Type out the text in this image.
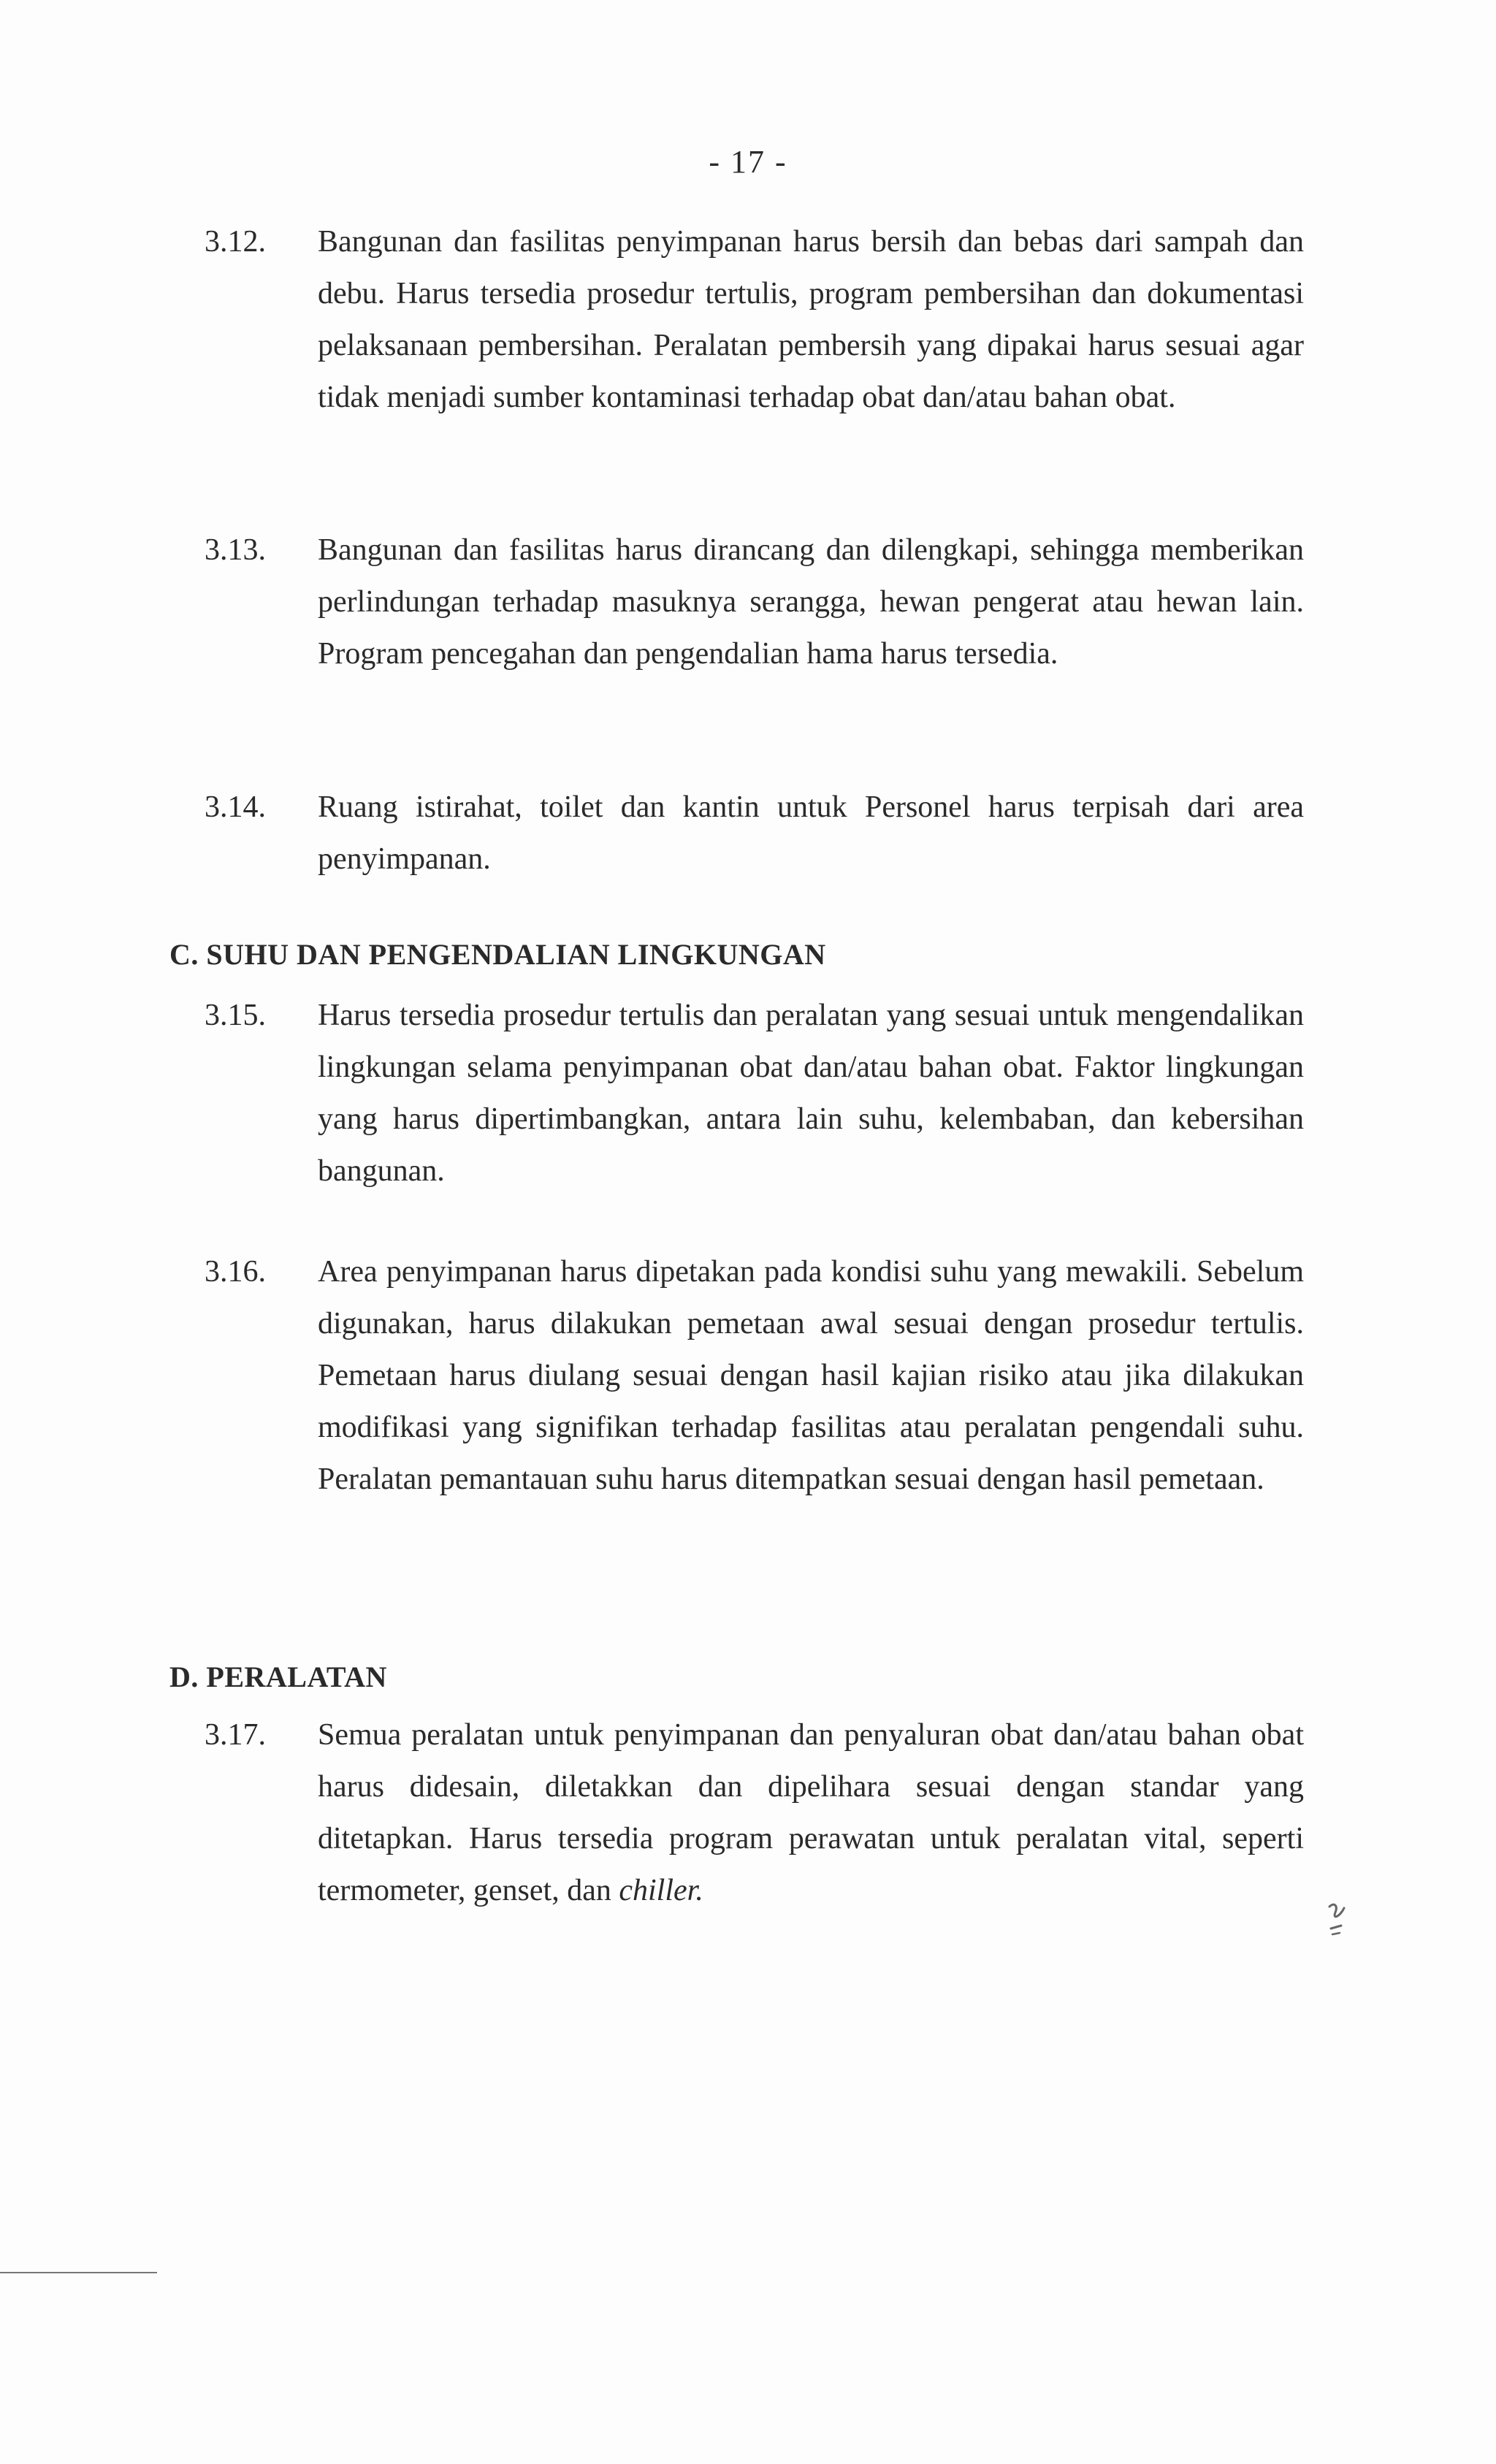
- 17 -
3.12.	Bangunan dan fasilitas penyimpanan harus bersih dan bebas dari sampah dan debu. Harus tersedia prosedur tertulis, program pembersihan dan dokumentasi pelaksanaan pembersihan. Peralatan pembersih yang dipakai harus sesuai agar tidak menjadi sumber kontaminasi terhadap obat dan/atau bahan obat.
3.13.	Bangunan dan fasilitas harus dirancang dan dilengkapi, sehingga memberikan perlindungan terhadap masuknya serangga, hewan pengerat atau hewan lain. Program pencegahan dan pengendalian hama harus tersedia.
3.14.	Ruang istirahat, toilet dan kantin untuk Personel harus terpisah dari area penyimpanan.
C. SUHU DAN PENGENDALIAN LINGKUNGAN
3.15.	Harus tersedia prosedur tertulis dan peralatan yang sesuai untuk mengendalikan lingkungan selama penyimpanan obat dan/atau bahan obat. Faktor lingkungan yang harus dipertimbangkan, antara lain suhu, kelembaban, dan kebersihan bangunan.
3.16.	Area penyimpanan harus dipetakan pada kondisi suhu yang mewakili. Sebelum digunakan, harus dilakukan pemetaan awal sesuai dengan prosedur tertulis. Pemetaan harus diulang sesuai dengan hasil kajian risiko atau jika dilakukan modifikasi yang signifikan terhadap fasilitas atau peralatan pengendali suhu. Peralatan pemantauan suhu harus ditempatkan sesuai dengan hasil pemetaan.
D. PERALATAN
3.17.	Semua peralatan untuk penyimpanan dan penyaluran obat dan/atau bahan obat harus didesain, diletakkan dan dipelihara sesuai dengan standar yang ditetapkan. Harus tersedia program perawatan untuk peralatan vital, seperti termometer, genset, dan chiller.
